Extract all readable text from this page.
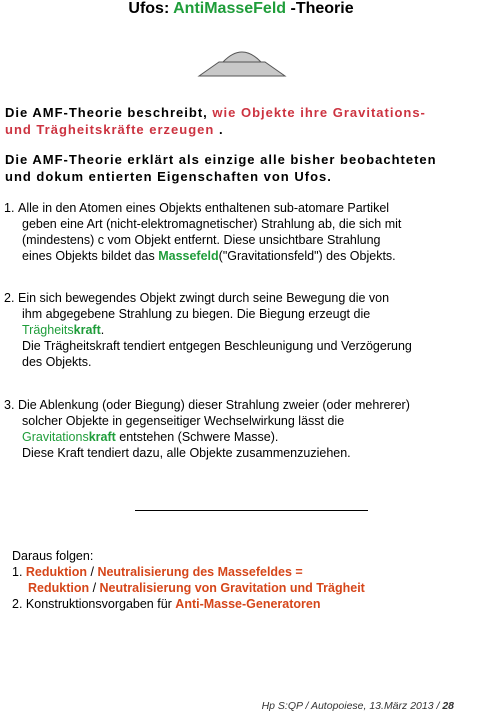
Ufos: AntiMasseFeld -Theorie
Die AMF-Theorie beschreibt, wie Objekte ihre Gravitations-
und Trägheitskräfte erzeugen .
Die AMF-Theorie erklärt als einzige alle bisher beobachteten
und dokum entierten Eigenschaften von Ufos.
1. Alle in den Atomen eines Objekts enthaltenen sub-atomare Partikel
geben eine Art (nicht-elektromagnetischer) Strahlung ab, die sich mit
(mindestens) c vom Objekt entfernt. Diese unsichtbare Strahlung
eines Objekts bildet das Massefeld("Gravitationsfeld") des Objekts.
2. Ein sich bewegendes Objekt zwingt durch seine Bewegung die von
ihm abgegebene Strahlung zu biegen. Die Biegung erzeugt die
Trägheitskraft.
Die Trägheitskraft tendiert entgegen Beschleunigung und Verzögerung
des Objekts.
3. Die Ablenkung (oder Biegung) dieser Strahlung zweier (oder mehrerer)
solcher Objekte in gegenseitiger Wechselwirkung lässt die
Gravitationskraft entstehen (Schwere Masse).
Diese Kraft tendiert dazu, alle Objekte zusammenzuziehen.
Daraus folgen:
1. Reduktion / Neutralisierung des Massefeldes =
Reduktion / Neutralisierung von Gravitation und Trägheit
2. Konstruktionsvorgaben für Anti-Masse-Generatoren
Hp S:QP / Autopoiese, 13.März 2013 / 28
